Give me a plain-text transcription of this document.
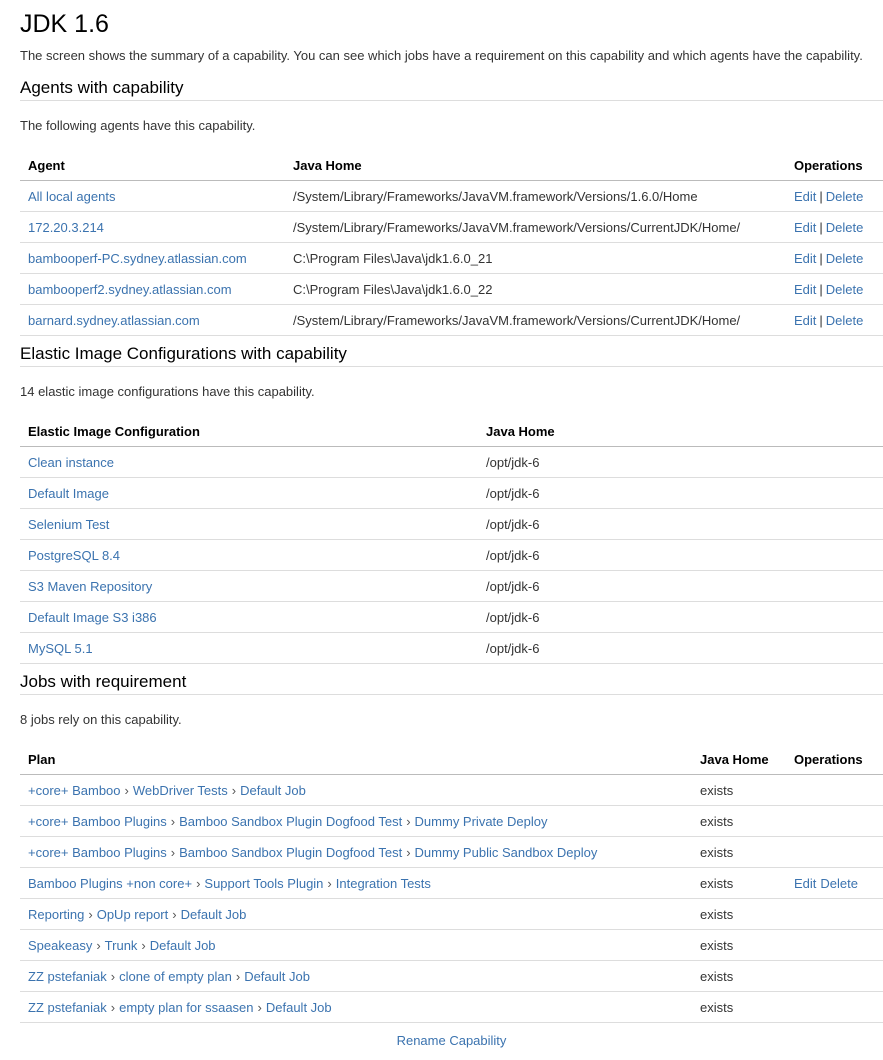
JDK 1.6

The screen shows the summary of a capability. You can see which jobs have a requirement on this capability and which agents have the capability.

Agents with capability

The following agents have this capability.

Agent	Java Home	Operations
All local agents	/System/Library/Frameworks/JavaVM.framework/Versions/1.6.0/Home	Edit | Delete
172.20.3.214	/System/Library/Frameworks/JavaVM.framework/Versions/CurrentJDK/Home/	Edit | Delete
bambooperf-PC.sydney.atlassian.com	C:\Program Files\Java\jdk1.6.0_21	Edit | Delete
bambooperf2.sydney.atlassian.com	C:\Program Files\Java\jdk1.6.0_22	Edit | Delete
barnard.sydney.atlassian.com	/System/Library/Frameworks/JavaVM.framework/Versions/CurrentJDK/Home/	Edit | Delete
Elastic Image Configurations with capability

14 elastic image configurations have this capability.

Elastic Image Configuration	Java Home
Clean instance	/opt/jdk-6
Default Image	/opt/jdk-6
Selenium Test	/opt/jdk-6
PostgreSQL 8.4	/opt/jdk-6
S3 Maven Repository	/opt/jdk-6
Default Image S3 i386	/opt/jdk-6
MySQL 5.1	/opt/jdk-6
Jobs with requirement

8 jobs rely on this capability.

Plan	Java Home	Operations
+core+ Bamboo › WebDriver Tests › Default Job	exists	
+core+ Bamboo Plugins › Bamboo Sandbox Plugin Dogfood Test › Dummy Private Deploy	exists	
+core+ Bamboo Plugins › Bamboo Sandbox Plugin Dogfood Test › Dummy Public Sandbox Deploy	exists	
Bamboo Plugins +non core+ › Support Tools Plugin › Integration Tests	exists	Edit Delete
Reporting › OpUp report › Default Job	exists	
Speakeasy › Trunk › Default Job	exists	
ZZ pstefaniak › clone of empty plan › Default Job	exists	
ZZ pstefaniak › empty plan for ssaasen › Default Job	exists	
Rename Capability
